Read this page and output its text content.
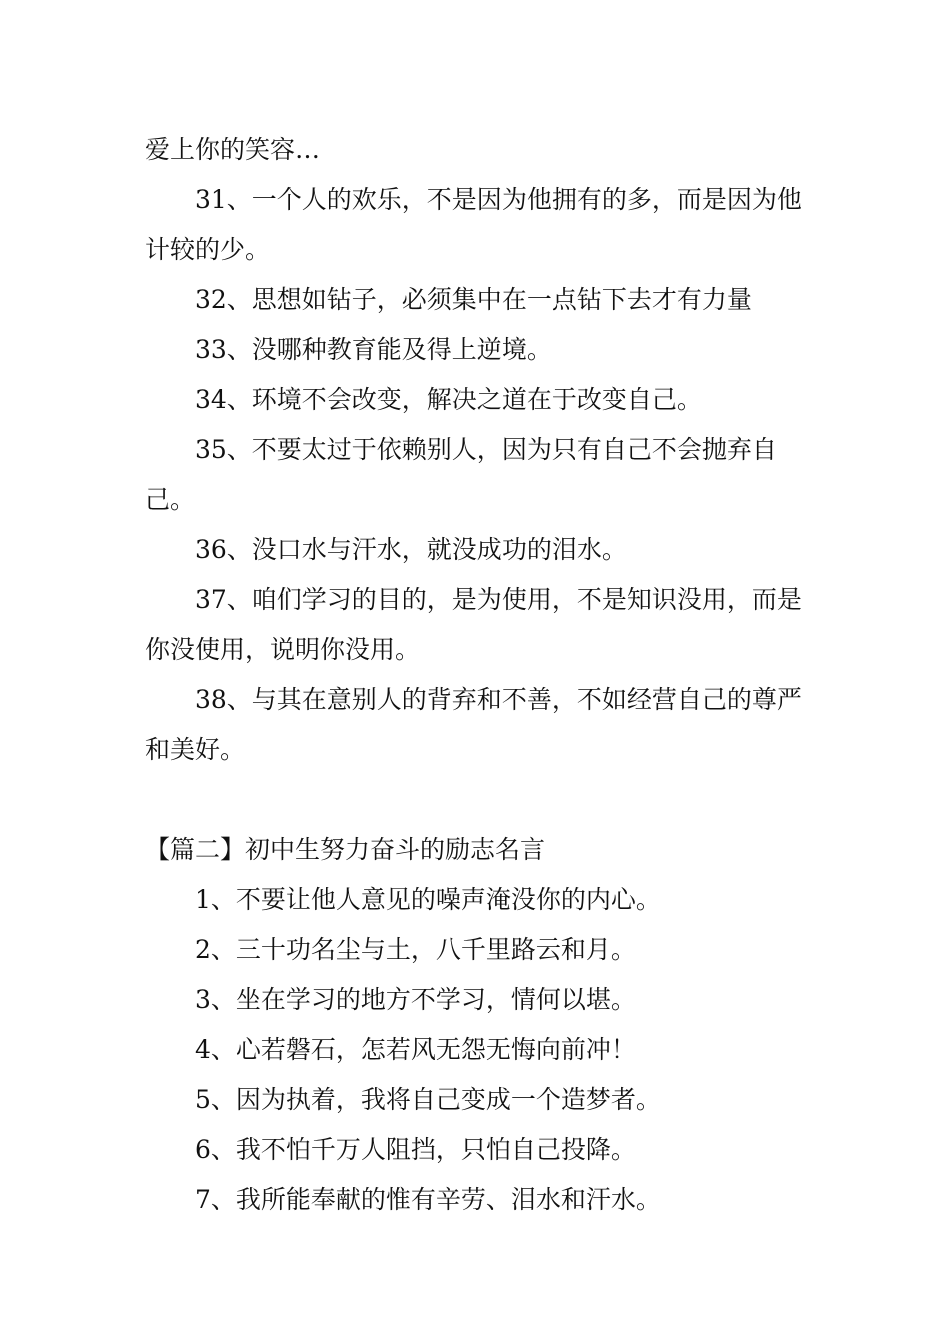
爱上你的笑容…

31、一个人的欢乐，不是因为他拥有的多，而是因为他计较的少。

32、思想如钻子，必须集中在一点钻下去才有力量

33、没哪种教育能及得上逆境。

34、环境不会改变，解决之道在于改变自己。

35、不要太过于依赖别人，因为只有自己不会抛弃自己。

36、没口水与汗水，就没成功的泪水。

37、咱们学习的目的，是为使用，不是知识没用，而是你没使用，说明你没用。

38、与其在意别人的背弃和不善，不如经营自己的尊严和美好。

【篇二】初中生努力奋斗的励志名言

1、不要让他人意见的噪声淹没你的内心。

2、三十功名尘与土，八千里路云和月。

3、坐在学习的地方不学习，情何以堪。

4、心若磐石，怎若风无怨无悔向前冲！

5、因为执着，我将自己变成一个造梦者。

6、我不怕千万人阻挡，只怕自己投降。

7、我所能奉献的惟有辛劳、泪水和汗水。
